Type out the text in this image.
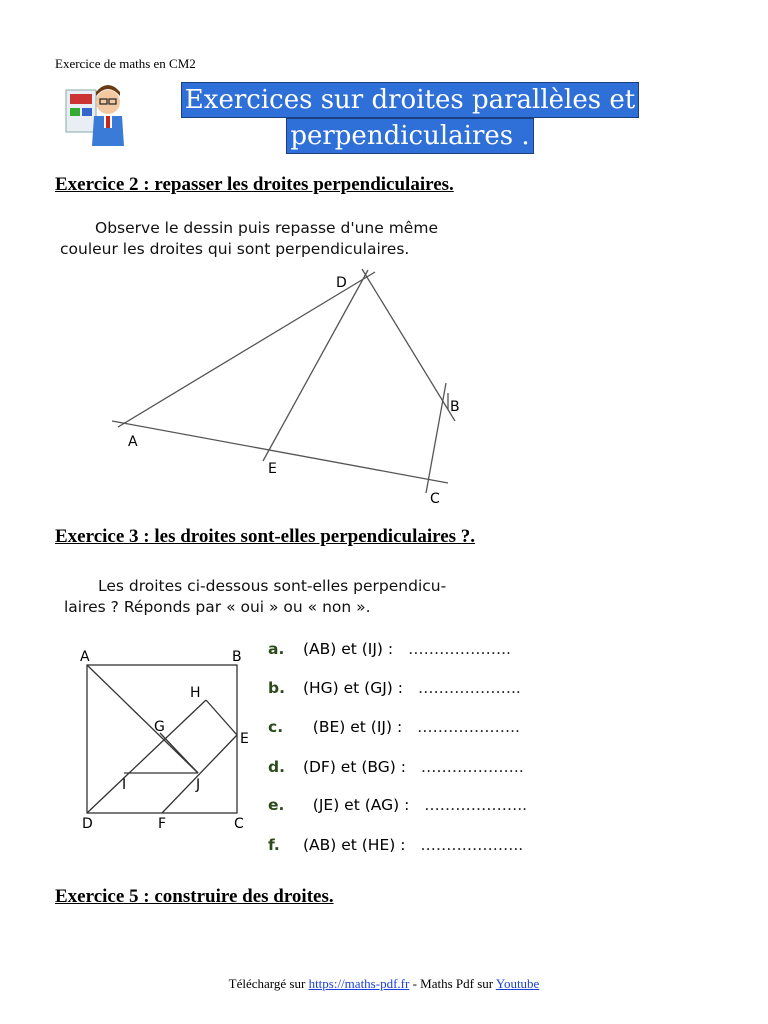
Exercice de maths en CM2
Exercices sur droites parallèles et
perpendiculaires .
Exercice 2 : repasser les droites perpendiculaires.
Observe le dessin puis repasse d'une même
couleur les droites qui sont perpendiculaires.
D
B
A
E
C
Exercice 3 : les droites sont-elles perpendiculaires ?.
Les droites ci-dessous sont-elles perpendicu-
laires ? Réponds par « oui » ou « non ».
A	B
H
G
E
I	J
D	F	C
a. (AB) et (IJ) : ………………..
b. (HG) et (GJ) : ………………..
c.   (BE) et (IJ) : ………………..
d. (DF) et (BG) : ………………..
e.   (JE) et (AG) : ………………..
f. (AB) et (HE) : ………………..
Exercice 5 : construire des droites.
Téléchargé sur https://maths-pdf.fr - Maths Pdf sur Youtube
